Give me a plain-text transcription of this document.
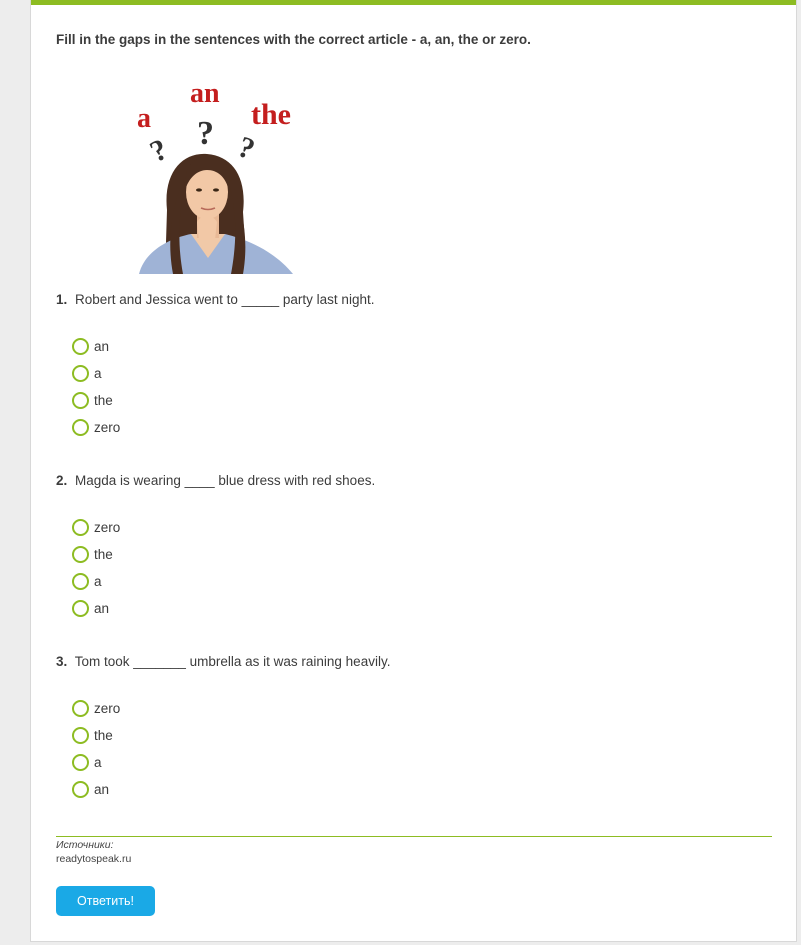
Fill in the gaps in the sentences with the correct article - a, an, the or zero.
a
an
the
? ? ?
1. Robert and Jessica went to _____ party last night.
an
a
the
zero
2. Magda is wearing ____ blue dress with red shoes.
zero
the
a
an
3. Tom took _______ umbrella as it was raining heavily.
zero
the
a
an
Источники:
readytospeak.ru
Ответить!
